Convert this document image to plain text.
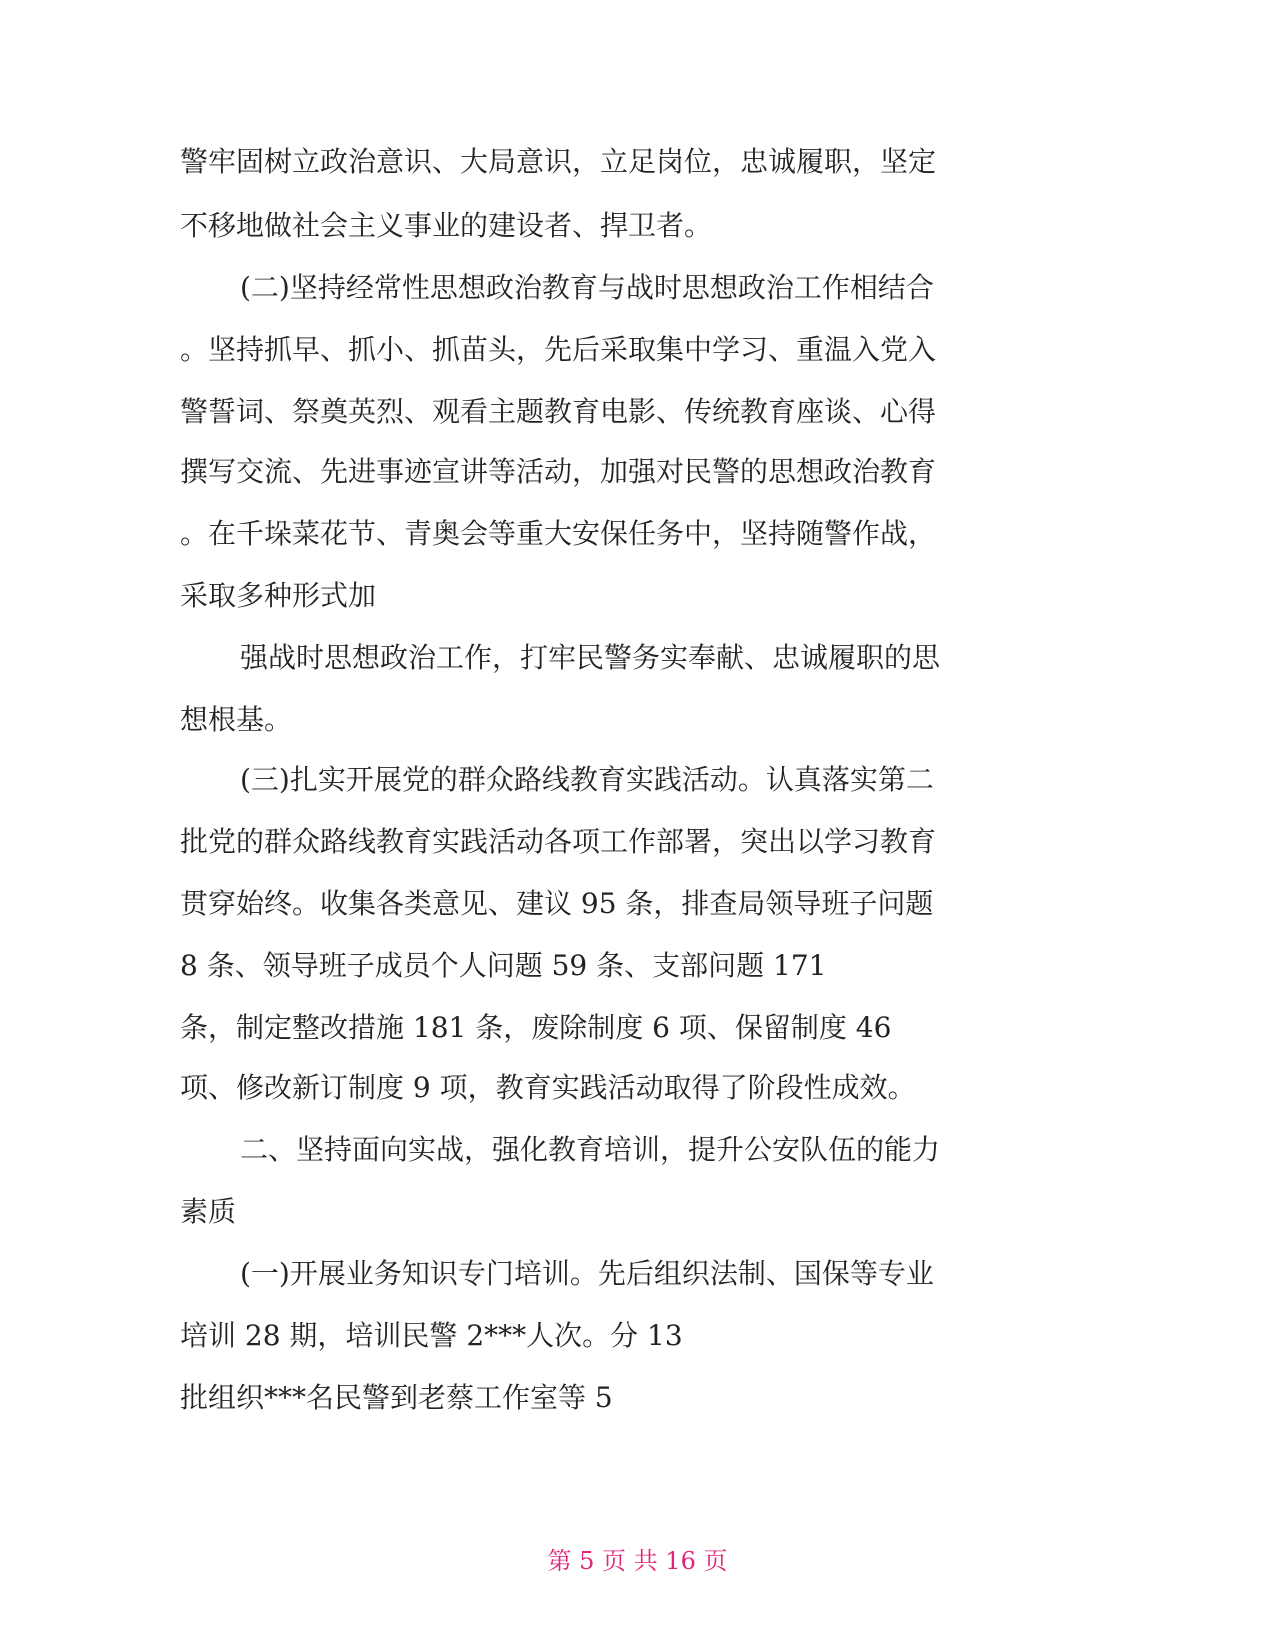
警牢固树立政治意识、大局意识，立足岗位，忠诚履职，坚定
不移地做社会主义事业的建设者、捍卫者。
(二)坚持经常性思想政治教育与战时思想政治工作相结合
。坚持抓早、抓小、抓苗头，先后采取集中学习、重温入党入
警誓词、祭奠英烈、观看主题教育电影、传统教育座谈、心得
撰写交流、先进事迹宣讲等活动，加强对民警的思想政治教育
。在千垛菜花节、青奥会等重大安保任务中，坚持随警作战，
采取多种形式加
强战时思想政治工作，打牢民警务实奉献、忠诚履职的思
想根基。
(三)扎实开展党的群众路线教育实践活动。认真落实第二
批党的群众路线教育实践活动各项工作部署，突出以学习教育
贯穿始终。收集各类意见、建议 95 条，排查局领导班子问题
8 条、领导班子成员个人问题 59 条、支部问题 171
条，制定整改措施 181 条，废除制度 6 项、保留制度 46
项、修改新订制度 9 项，教育实践活动取得了阶段性成效。
二、坚持面向实战，强化教育培训，提升公安队伍的能力
素质
(一)开展业务知识专门培训。先后组织法制、国保等专业
培训 28 期，培训民警 2***人次。分 13
批组织***名民警到老蔡工作室等 5
第 5 页 共 16 页
